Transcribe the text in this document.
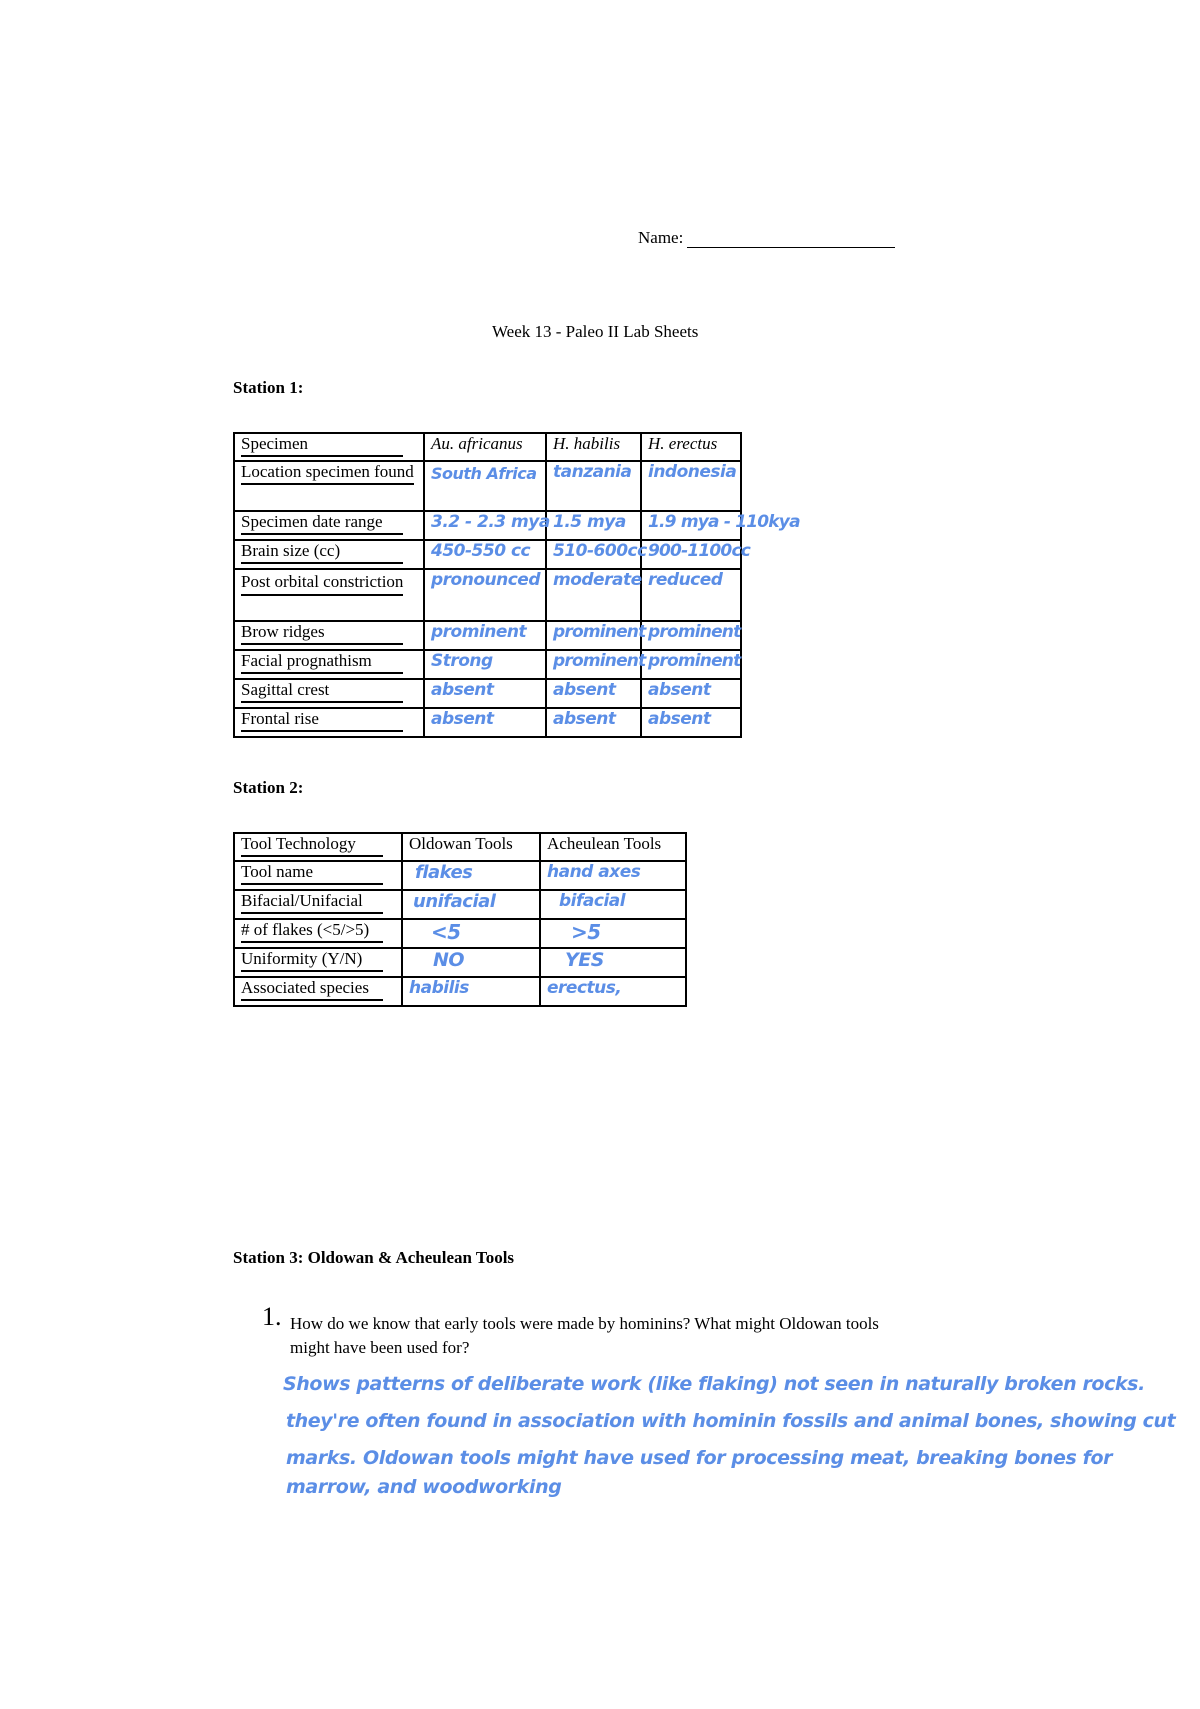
Name:
Week 13 - Paleo II Lab Sheets
Station 1:
Specimen	Au. africanus	H. habilis	H. erectus
Location specimen found	South Africa	tanzania	indonesia
Specimen date range	3.2 - 2.3 mya	1.5 mya	1.9 mya - 110kya
Brain size (cc)	450-550 cc	510-600cc	900-1100cc
Post orbital constriction	pronounced	moderate	reduced
Brow ridges	prominent	prominent	prominent
Facial prognathism	Strong	prominent	prominent
Sagittal crest	absent	absent	absent
Frontal rise	absent	absent	absent
Station 2:
Tool Technology	Oldowan Tools	Acheulean Tools
Tool name	flakes	hand axes
Bifacial/Unifacial	unifacial	bifacial
# of flakes (<5/>5)	<5	>5
Uniformity (Y/N)	NO	YES
Associated species	habilis	erectus,
Station 3: Oldowan & Acheulean Tools
1. How do we know that early tools were made by hominins? What might Oldowan tools
might have been used for?
Shows patterns of deliberate work (like flaking) not seen in naturally broken rocks.
they're often found in association with hominin fossils and animal bones, showing cut
marks. Oldowan tools might have used for processing meat, breaking bones for
marrow, and woodworking
